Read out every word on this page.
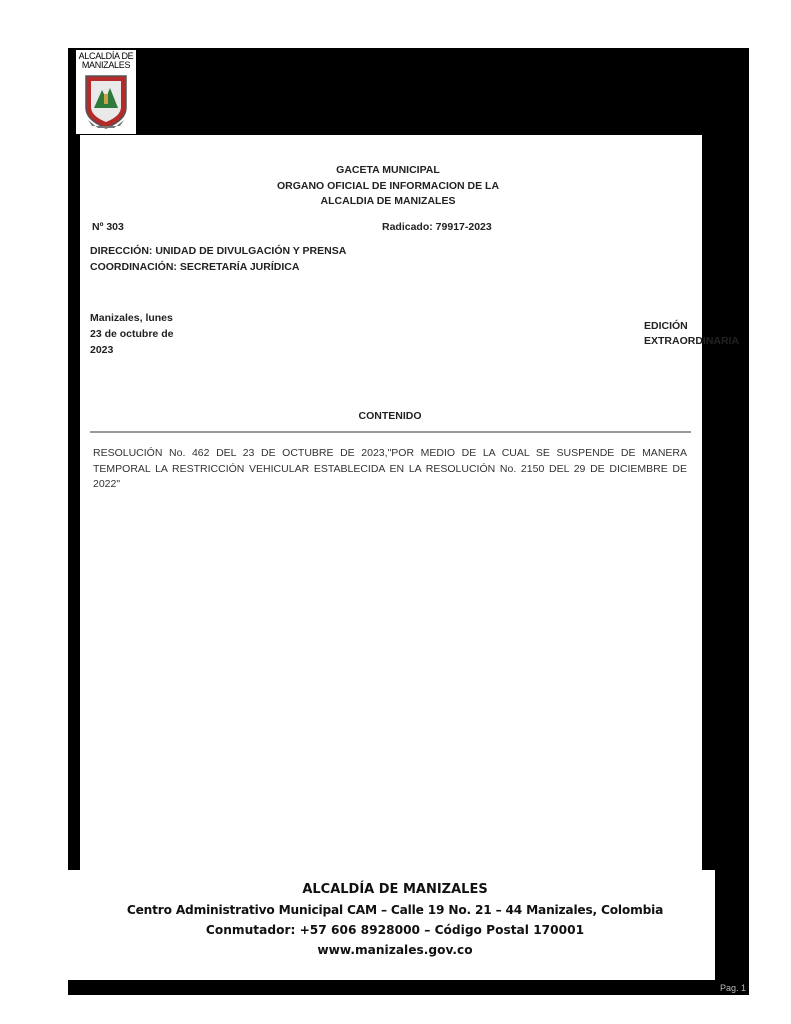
ALCALDÍA DE
MANIZALES
GACETA MUNICIPAL
ORGANO OFICIAL DE INFORMACION DE LA
ALCALDIA DE MANIZALES
Nº 303	Radicado: 79917-2023
DIRECCIÓN: UNIDAD DE DIVULGACIÓN Y PRENSA
COORDINACIÓN: SECRETARÍA JURÍDICA
Manizales, lunes
23 de octubre de
2023
EDICIÓN
EXTRAORDINARIA
CONTENIDO
RESOLUCIÓN No. 462 DEL 23 DE OCTUBRE DE 2023,"POR MEDIO DE LA CUAL SE SUSPENDE DE MANERA TEMPORAL LA RESTRICCIÓN VEHICULAR ESTABLECIDA EN LA RESOLUCIÓN No. 2150 DEL 29 DE DICIEMBRE DE 2022"
ALCALDÍA DE MANIZALES
Centro Administrativo Municipal CAM – Calle 19 No. 21 – 44 Manizales, Colombia
Conmutador: +57 606 8928000 – Código Postal 170001
www.manizales.gov.co
Pag. 1
